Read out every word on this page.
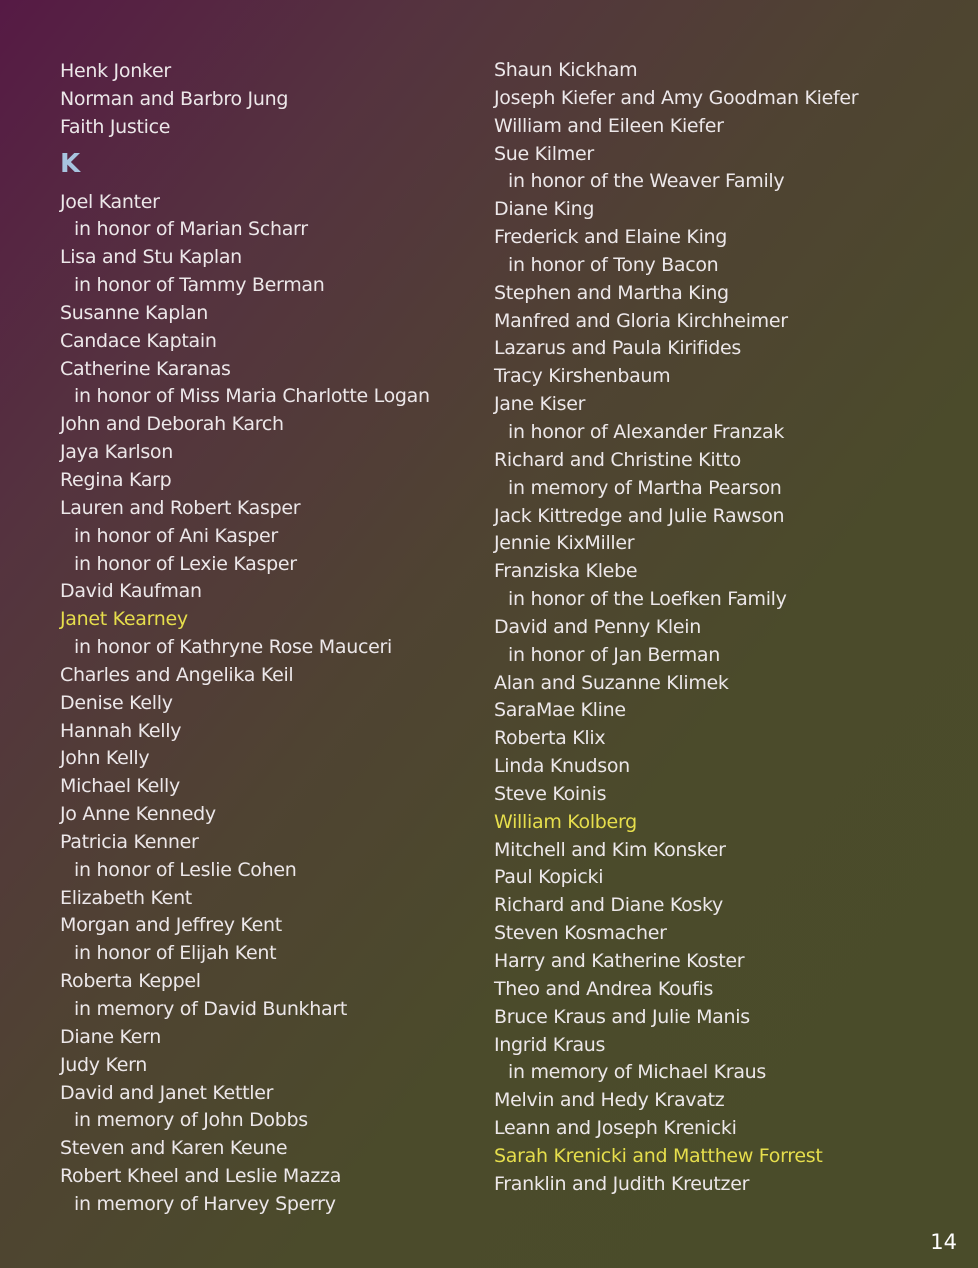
Henk Jonker
Norman and Barbro Jung
Faith Justice
K
Joel Kanter
in honor of Marian Scharr
Lisa and Stu Kaplan
in honor of Tammy Berman
Susanne Kaplan
Candace Kaptain
Catherine Karanas
in honor of Miss Maria Charlotte Logan
John and Deborah Karch
Jaya Karlson
Regina Karp
Lauren and Robert Kasper
in honor of Ani Kasper
in honor of Lexie Kasper
David Kaufman
Janet Kearney
in honor of Kathryne Rose Mauceri
Charles and Angelika Keil
Denise Kelly
Hannah Kelly
John Kelly
Michael Kelly
Jo Anne Kennedy
Patricia Kenner
in honor of Leslie Cohen
Elizabeth Kent
Morgan and Jeffrey Kent
in honor of Elijah Kent
Roberta Keppel
in memory of David Bunkhart
Diane Kern
Judy Kern
David and Janet Kettler
in memory of John Dobbs
Steven and Karen Keune
Robert Kheel and Leslie Mazza
in memory of Harvey Sperry
Shaun Kickham
Joseph Kiefer and Amy Goodman Kiefer
William and Eileen Kiefer
Sue Kilmer
in honor of the Weaver Family
Diane King
Frederick and Elaine King
in honor of Tony Bacon
Stephen and Martha King
Manfred and Gloria Kirchheimer
Lazarus and Paula Kirifides
Tracy Kirshenbaum
Jane Kiser
in honor of Alexander Franzak
Richard and Christine Kitto
in memory of Martha Pearson
Jack Kittredge and Julie Rawson
Jennie KixMiller
Franziska Klebe
in honor of the Loefken Family
David and Penny Klein
in honor of Jan Berman
Alan and Suzanne Klimek
SaraMae Kline
Roberta Klix
Linda Knudson
Steve Koinis
William Kolberg
Mitchell and Kim Konsker
Paul Kopicki
Richard and Diane Kosky
Steven Kosmacher
Harry and Katherine Koster
Theo and Andrea Koufis
Bruce Kraus and Julie Manis
Ingrid Kraus
in memory of Michael Kraus
Melvin and Hedy Kravatz
Leann and Joseph Krenicki
Sarah Krenicki and Matthew Forrest
Franklin and Judith Kreutzer
14
